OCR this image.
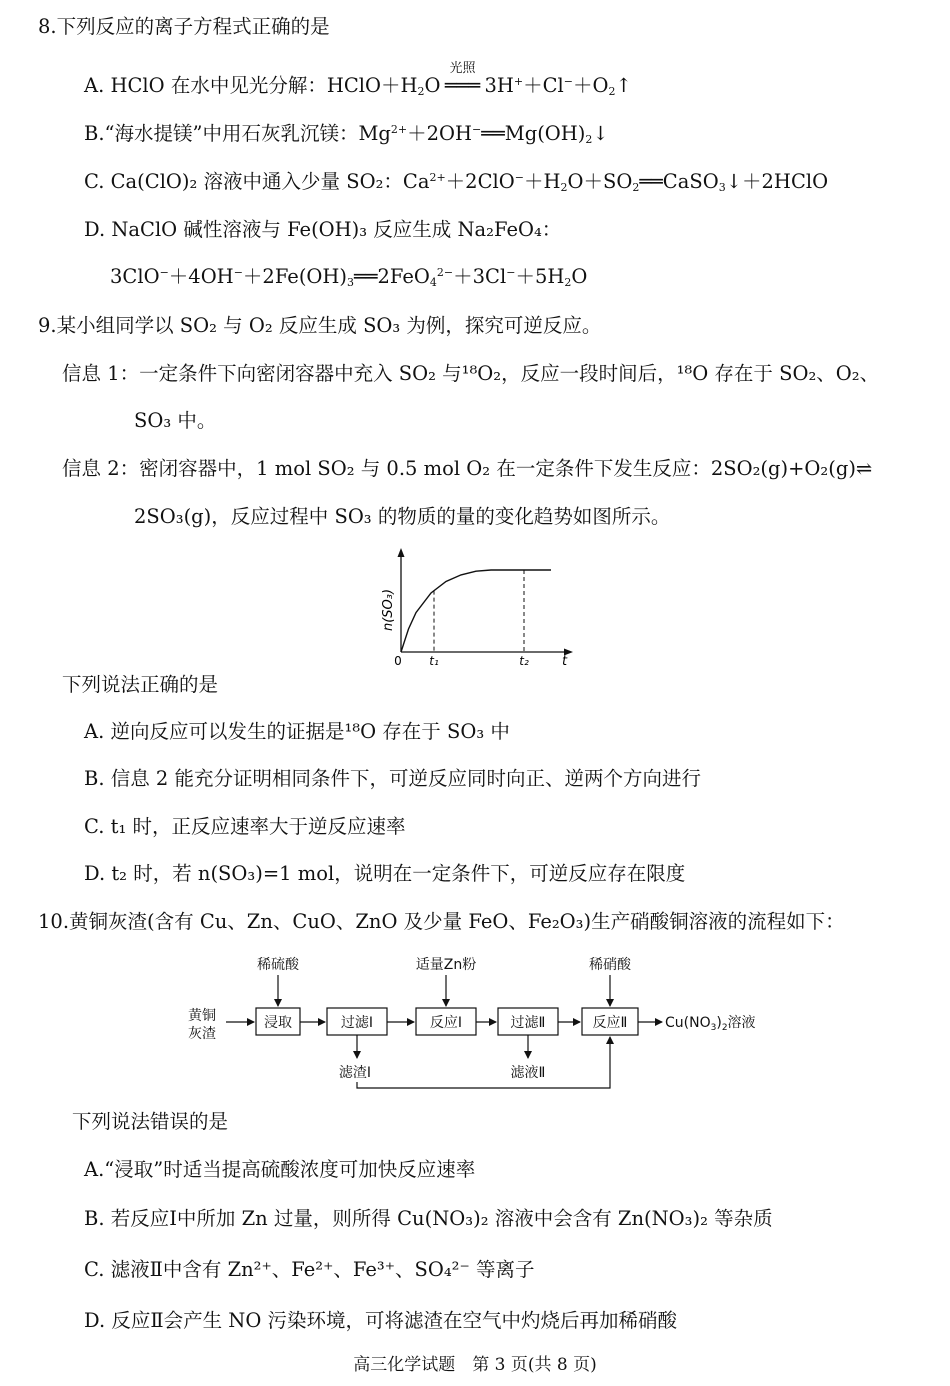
8.下列反应的离子方程式正确的是
A. HClO 在水中见光分解：$HClO+H_2O$
光照
═══ $3H^++Cl^-+O_2↑$
B.“海水提镁”中用石灰乳沉镁：$Mg^{2+}+2OH^-══Mg(OH)_2↓$
C. Ca(ClO)₂ 溶液中通入少量 SO₂：$Ca^{2+}+2ClO^-+H_2O+SO_2══CaSO_3↓+2HClO$
D. NaClO 碱性溶液与 Fe(OH)₃ 反应生成 Na₂FeO₄：
$3ClO^-+4OH^-+2Fe(OH)_3══2FeO_4^{2-}+3Cl^-+5H_2O$
9.某小组同学以 SO₂ 与 O₂ 反应生成 SO₃ 为例，探究可逆反应。
信息 1：一定条件下向密闭容器中充入 SO₂ 与¹⁸O₂，反应一段时间后，¹⁸O 存在于 SO₂、O₂、
SO₃ 中。
信息 2：密闭容器中，1 mol SO₂ 与 0.5 mol O₂ 在一定条件下发生反应：2SO₂(g)+O₂(g)⇌
2SO₃(g)，反应过程中 SO₃ 的物质的量的变化趋势如图所示。
n(SO₃)
0 t₁	t₂	t
下列说法正确的是
A. 逆向反应可以发生的证据是¹⁸O 存在于 SO₃ 中
B. 信息 2 能充分证明相同条件下，可逆反应同时向正、逆两个方向进行
C. t₁ 时，正反应速率大于逆反应速率
D. t₂ 时，若 n(SO₃)=1 mol，说明在一定条件下，可逆反应存在限度
10.黄铜灰渣(含有 Cu、Zn、CuO、ZnO 及少量 FeO、Fe₂O₃)生产硝酸铜溶液的流程如下：
黄铜
灰渣
浸取	过滤Ⅰ	反应Ⅰ	过滤Ⅱ	反应Ⅱ	$Cu(NO_3)_2$溶液
稀硫酸	适量Zn粉	稀硝酸
滤渣Ⅰ	滤液Ⅱ
下列说法错误的是
A.“浸取”时适当提高硫酸浓度可加快反应速率
B. 若反应Ⅰ中所加 Zn 过量，则所得 Cu(NO₃)₂ 溶液中会含有 Zn(NO₃)₂ 等杂质
C. 滤液Ⅱ中含有 Zn²⁺、Fe²⁺、Fe³⁺、SO₄²⁻ 等离子
D. 反应Ⅱ会产生 NO 污染环境，可将滤渣在空气中灼烧后再加稀硝酸
高三化学试题　第 3 页(共 8 页)
